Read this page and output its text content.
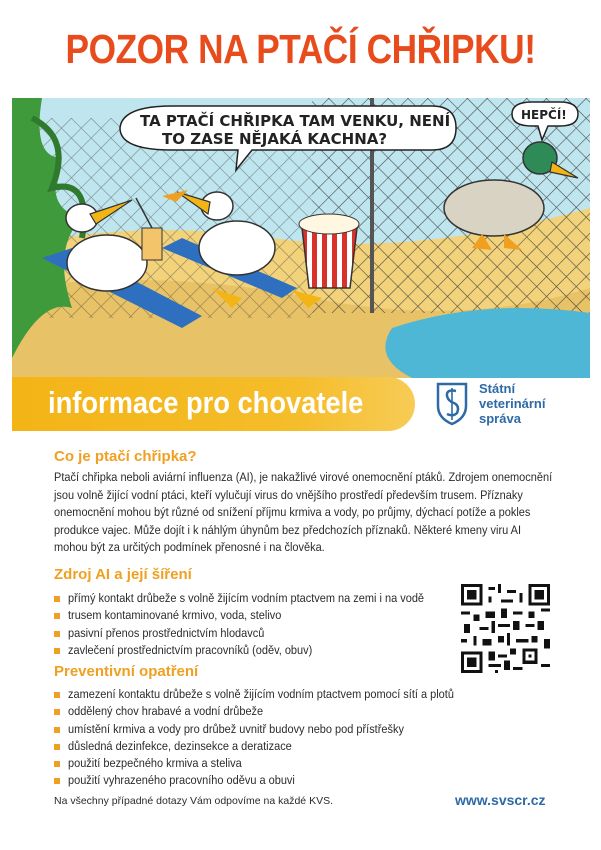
POZOR NA PTAČÍ CHŘIPKU!
TA PTAČÍ CHŘIPKA TAM VENKU, NENÍ
TO ZASE NĚJAKÁ KACHNA?
HEPČÍ!
informace pro chovatele	Státní
veterinární
správa
Co je ptačí chřipka?
Ptačí chřipka neboli aviární influenza (AI), je nakažlivé virové onemocnění ptáků. Zdrojem onemocnění
jsou volně žijící vodní ptáci, kteří vylučují virus do vnějšího prostředí především trusem. Příznaky
onemocnění mohou být různé od snížení příjmu krmiva a vody, po průjmy, dýchací potíže a pokles
produkce vajec. Může dojít i k náhlým úhynům bez předchozích příznaků. Některé kmeny viru AI
mohou být za určitých podmínek přenosné i na člověka.
Zdroj AI a její šíření
přímý kontakt drůbeže s volně žijícím vodním ptactvem na zemi i na vodě
trusem kontaminované krmivo, voda, stelivo
pasivní přenos prostřednictvím hlodavců
zavlečení prostřednictvím pracovníků (oděv, obuv)
Preventivní opatření
zamezení kontaktu drůbeže s volně žijícím vodním ptactvem pomocí sítí a plotů
oddělený chov hrabavé a vodní drůbeže
umístění krmiva a vody pro drůbež uvnitř budovy nebo pod přístřešky
důsledná dezinfekce, dezinsekce a deratizace
použití bezpečného krmiva a steliva
použití vyhrazeného pracovního oděvu a obuvi
Na všechny případné dotazy Vám odpovíme na každé KVS.	www.svscr.cz
